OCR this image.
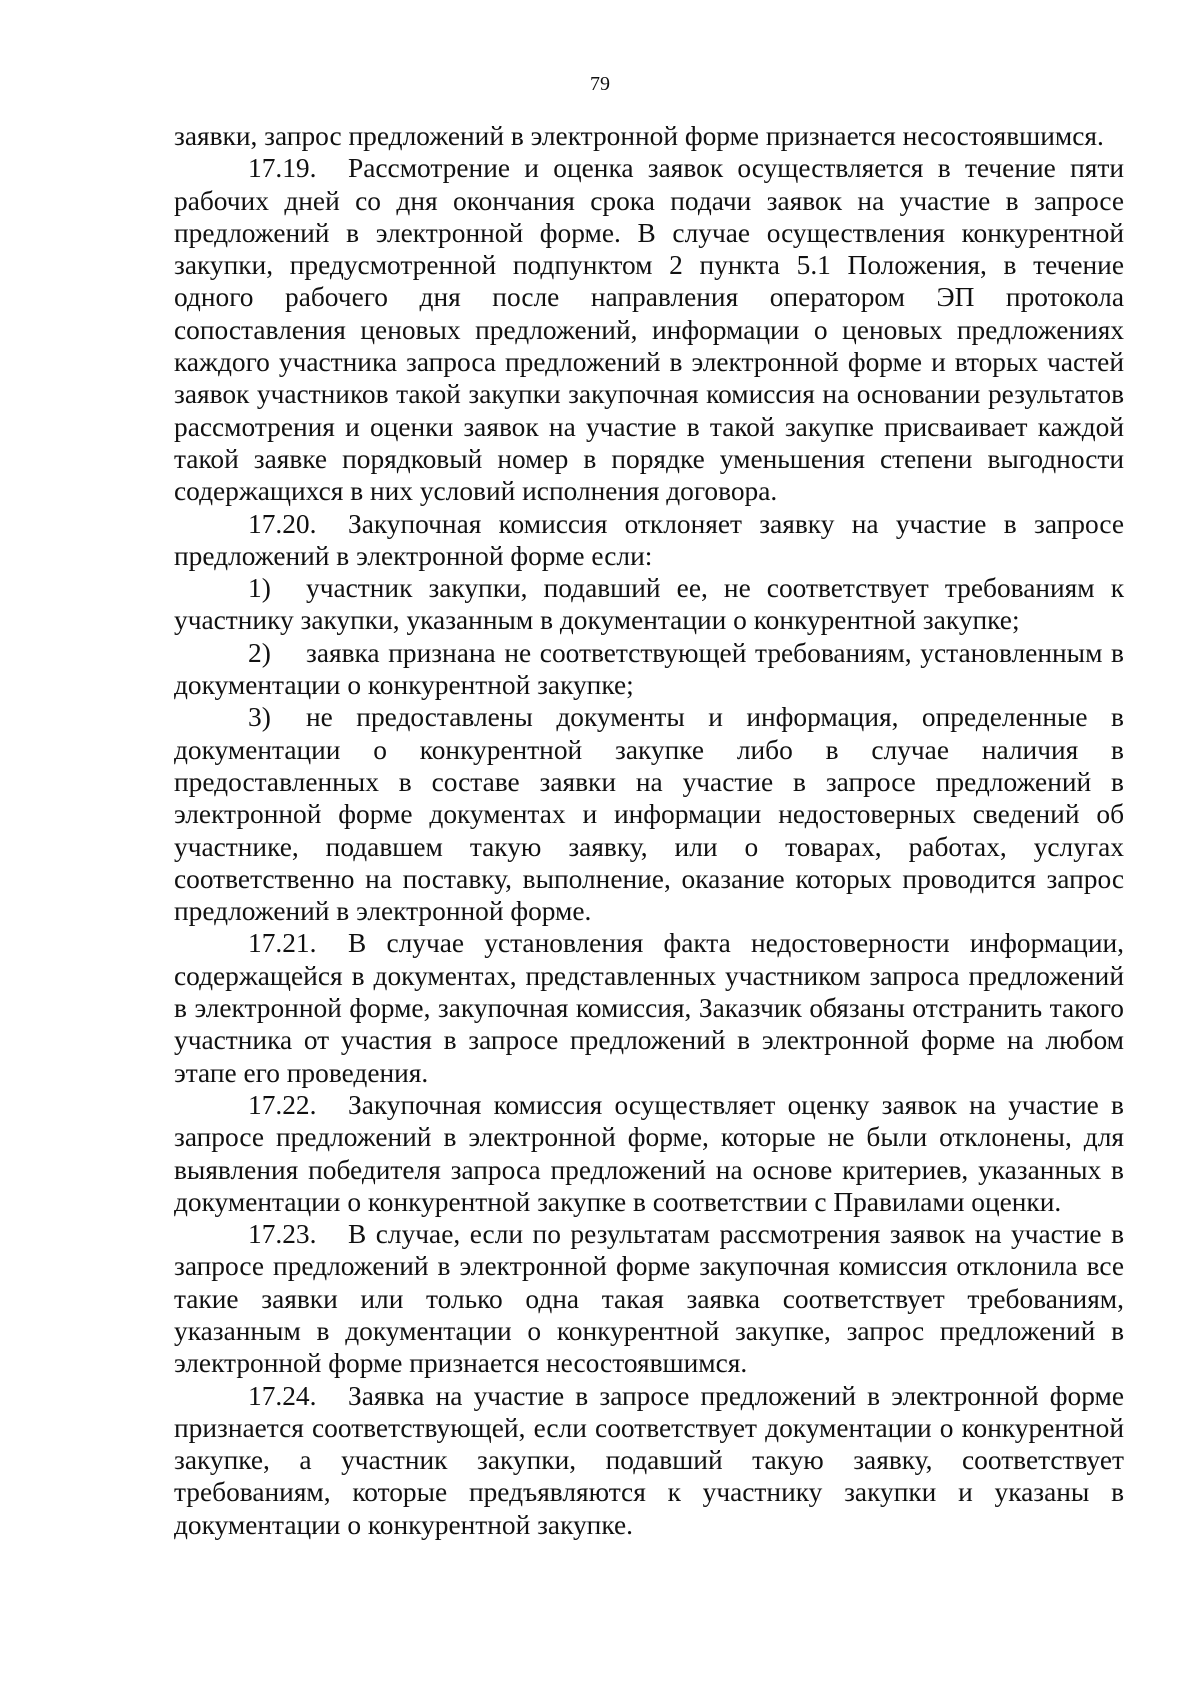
79

заявки, запрос предложений в электронной форме признается несостоявшимся.

17.19. Рассмотрение и оценка заявок осуществляется в течение пяти рабочих дней со дня окончания срока подачи заявок на участие в запросе предложений в электронной форме. В случае осуществления конкурентной закупки, предусмотренной подпунктом 2 пункта 5.1 Положения, в течение одного рабочего дня после направления оператором ЭП протокола сопоставления ценовых предложений, информации о ценовых предложениях каждого участника запроса предложений в электронной форме и вторых частей заявок участников такой закупки закупочная комиссия на основании результатов рассмотрения и оценки заявок на участие в такой закупке присваивает каждой такой заявке порядковый номер в порядке уменьшения степени выгодности содержащихся в них условий исполнения договора.

17.20. Закупочная комиссия отклоняет заявку на участие в запросе предложений в электронной форме если:

1) участник закупки, подавший ее, не соответствует требованиям к участнику закупки, указанным в документации о конкурентной закупке;

2) заявка признана не соответствующей требованиям, установленным в документации о конкурентной закупке;

3) не предоставлены документы и информация, определенные в документации о конкурентной закупке либо в случае наличия в предоставленных в составе заявки на участие в запросе предложений в электронной форме документах и информации недостоверных сведений об участнике, подавшем такую заявку, или о товарах, работах, услугах соответственно на поставку, выполнение, оказание которых проводится запрос предложений в электронной форме.

17.21. В случае установления факта недостоверности информации, содержащейся в документах, представленных участником запроса предложений в электронной форме, закупочная комиссия, Заказчик обязаны отстранить такого участника от участия в запросе предложений в электронной форме на любом этапе его проведения.

17.22. Закупочная комиссия осуществляет оценку заявок на участие в запросе предложений в электронной форме, которые не были отклонены, для выявления победителя запроса предложений на основе критериев, указанных в документации о конкурентной закупке в соответствии с Правилами оценки.

17.23. В случае, если по результатам рассмотрения заявок на участие в запросе предложений в электронной форме закупочная комиссия отклонила все такие заявки или только одна такая заявка соответствует требованиям, указанным в документации о конкурентной закупке, запрос предложений в электронной форме признается несостоявшимся.

17.24. Заявка на участие в запросе предложений в электронной форме признается соответствующей, если соответствует документации о конкурентной закупке, а участник закупки, подавший такую заявку, соответствует требованиям, которые предъявляются к участнику закупки и указаны в документации о конкурентной закупке.
